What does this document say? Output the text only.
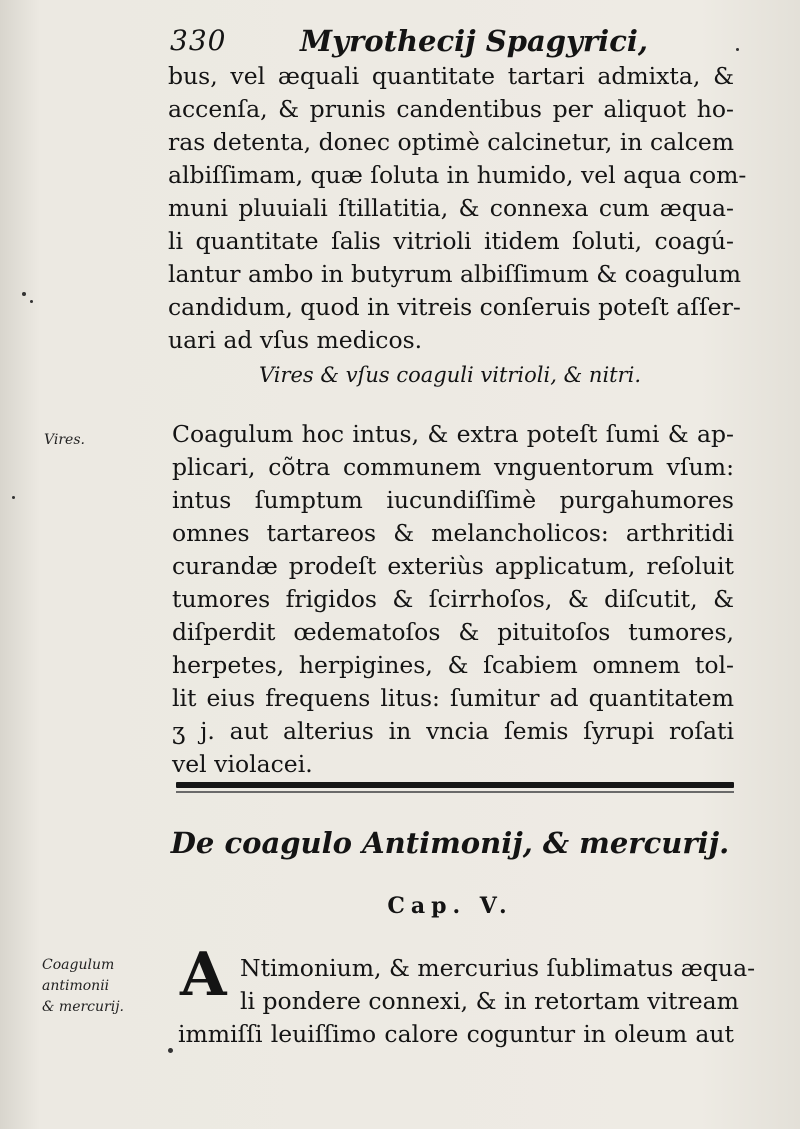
330	Myrothecij Spagyrici,
bus, vel æquali quantitate tartari admixta, &
accenſa, & prunis candentibus per aliquot ho-
ras detenta, donec optimè calcinetur, in calcem
albiſſimam, quæ ſoluta in humido, vel aqua com-
muni pluuiali ſtillatitia, & connexa cum æqua-
li quantitate ſalis vitrioli itidem ſoluti, coagú-
lantur ambo in butyrum albiſſimum & coagulum
candidum, quod in vitreis conſeruis poteſt aſſer-
uari ad vſus medicos.
Vires & vſus coaguli vitrioli, & nitri.
Vires.	Coagulum hoc intus, & extra poteſt ſumi & ap-
plicari, cõtra communem vnguentorum vſum:
intus ſumptum iucundiſſimè purgahumores
omnes tartareos & melancholicos: arthritidi
curandæ prodeſt exteriùs applicatum, reſoluit
tumores frigidos & ſcirrhoſos, & diſcutit, &
diſperdit œdematoſos & pituitoſos tumores,
herpetes, herpigines, & ſcabiem omnem tol-
lit eius frequens litus: ſumitur ad quantitatem
ʒ j. aut alterius in vncia ſemis ſyrupi roſati
vel violacei.
De coagulo Antimonij, & mercurij.
Cap. V.
Coagulum
antimonii
& mercurij. A Ntimonium, & mercurius ſublimatus æqua-
li pondere connexi, & in retortam vitream
immiſſi leuiſſimo calore coguntur in oleum aut
